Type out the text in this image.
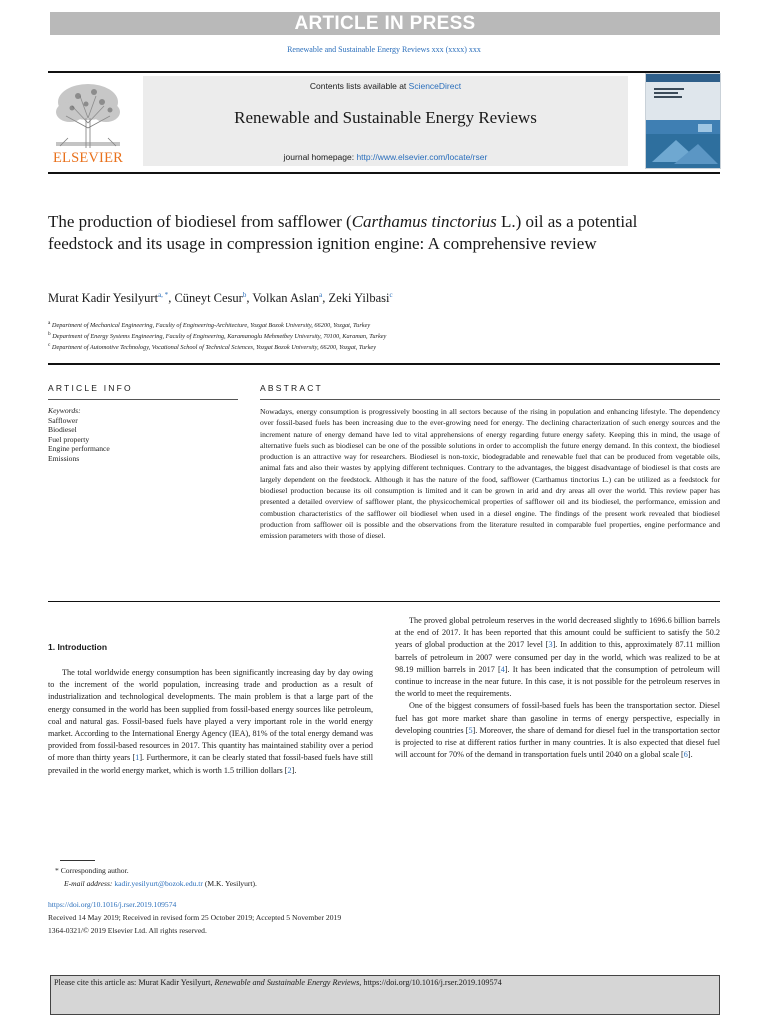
ARTICLE IN PRESS
Renewable and Sustainable Energy Reviews xxx (xxxx) xxx
ELSEVIER
Contents lists available at ScienceDirect
Renewable and Sustainable Energy Reviews
journal homepage: http://www.elsevier.com/locate/rser
The production of biodiesel from safflower (Carthamus tinctorius L.) oil as a potential feedstock and its usage in compression ignition engine: A comprehensive review
Murat Kadir Yesilyurt$^{a, *}$, Cüneyt Cesur$^b$, Volkan Aslan$^a$, Zeki Yilbasi$^c$
$^a$ Department of Mechanical Engineering, Faculty of Engineering-Architecture, Yozgat Bozok University, 66200, Yozgat, Turkey
$^b$ Department of Energy Systems Engineering, Faculty of Engineering, Karamanoglu Mehmetbey University, 70100, Karaman, Turkey
$^c$ Department of Automotive Technology, Vocational School of Technical Sciences, Yozgat Bozok University, 66200, Yozgat, Turkey
ARTICLE INFO	ABSTRACT
Keywords:
Safflower
Biodiesel
Fuel property
Engine performance
Emissions
Nowadays, energy consumption is progressively boosting in all sectors because of the rising in population and enhancing lifestyle. The dependency over fossil-based fuels has been increasing due to the ever-growing need for energy. The declining characterization of such energy sources and the increment nature of energy demand have led to vital apprehensions of energy regarding future energy safety. Keeping this in mind, the usage of alternative fuels such as biodiesel can be one of the possible solutions in order to accomplish the future energy demand. In this context, the biodiesel production is an attractive way for researchers. Biodiesel is non-toxic, biodegradable and renewable fuel that can be produced from vegetable oils, animal fats and also their wastes by applying different techniques. Contrary to the advantages, the biggest disadvantage of biodiesel is that costs are largely dependent on the feedstock. Although it has the nature of the food, safflower (Carthamus tinctorius L.) can be utilized as a feedstock for biodiesel production because its oil consumption is limited and it can be grown in arid and dry areas all over the world. This review paper has presented a detailed overview of safflower plant, the physicochemical properties of safflower oil and its biodiesel, the performance, emission and combustion characteristics of the safflower oil biodiesel when used in a diesel engine. The findings of the present work revealed that biodiesel production from safflower oil is possible and the observations from the literature resulted in comparable fuel properties, engine performance and emission parameters with those of diesel.
1. Introduction

The total worldwide energy consumption has been significantly increasing day by day owing to the increment of the world population, increasing trade and production as a result of industrialization and technological developments. The main problem is that a large part of the energy consumed in the world has been supplied from fossil-based energy sources like petroleum, coal and natural gas. Fossil-based fuels have played a very important role in the world energy market. According to the International Energy Agency (IEA), 81% of the total energy demand was provided from fossil-based resources in 2017. This quantity has maintained stability over a period of more than thirty years [1]. Furthermore, it can be clearly stated that fossil-based fuels have still prevailed in the world energy market, which is worth 1.5 trillion dollars [2].

The proved global petroleum reserves in the world decreased slightly to 1696.6 billion barrels at the end of 2017. It has been reported that this amount could be sufficient to satisfy the 50.2 years of global production at the 2017 level [3]. In addition to this, approximately 87.11 million barrels of petroleum in 2007 were consumed per day in the world, which was realized to be at 98.19 million barrels in 2017 [4]. It has been indicated that the consumption of petroleum will continue to increase in the near future. In this case, it is not possible for the petroleum reserves in the world to meet the requirements.

One of the biggest consumers of fossil-based fuels has been the transportation sector. Diesel fuel has got more market share than gasoline in terms of energy perspective, especially in developing countries [5]. Moreover, the share of demand for diesel fuel in the transportation sector is projected to rise at different ratios further in many countries. It is also expected that diesel fuel will account for 70% of the demand in transportation fuels until 2040 on a global scale [6].

* Corresponding author.
E-mail address: kadir.yesilyurt@bozok.edu.tr (M.K. Yesilyurt).
https://doi.org/10.1016/j.rser.2019.109574
Received 14 May 2019; Received in revised form 25 October 2019; Accepted 5 November 2019
1364-0321/© 2019 Elsevier Ltd. All rights reserved.
Please cite this article as: Murat Kadir Yesilyurt, Renewable and Sustainable Energy Reviews, https://doi.org/10.1016/j.rser.2019.109574
